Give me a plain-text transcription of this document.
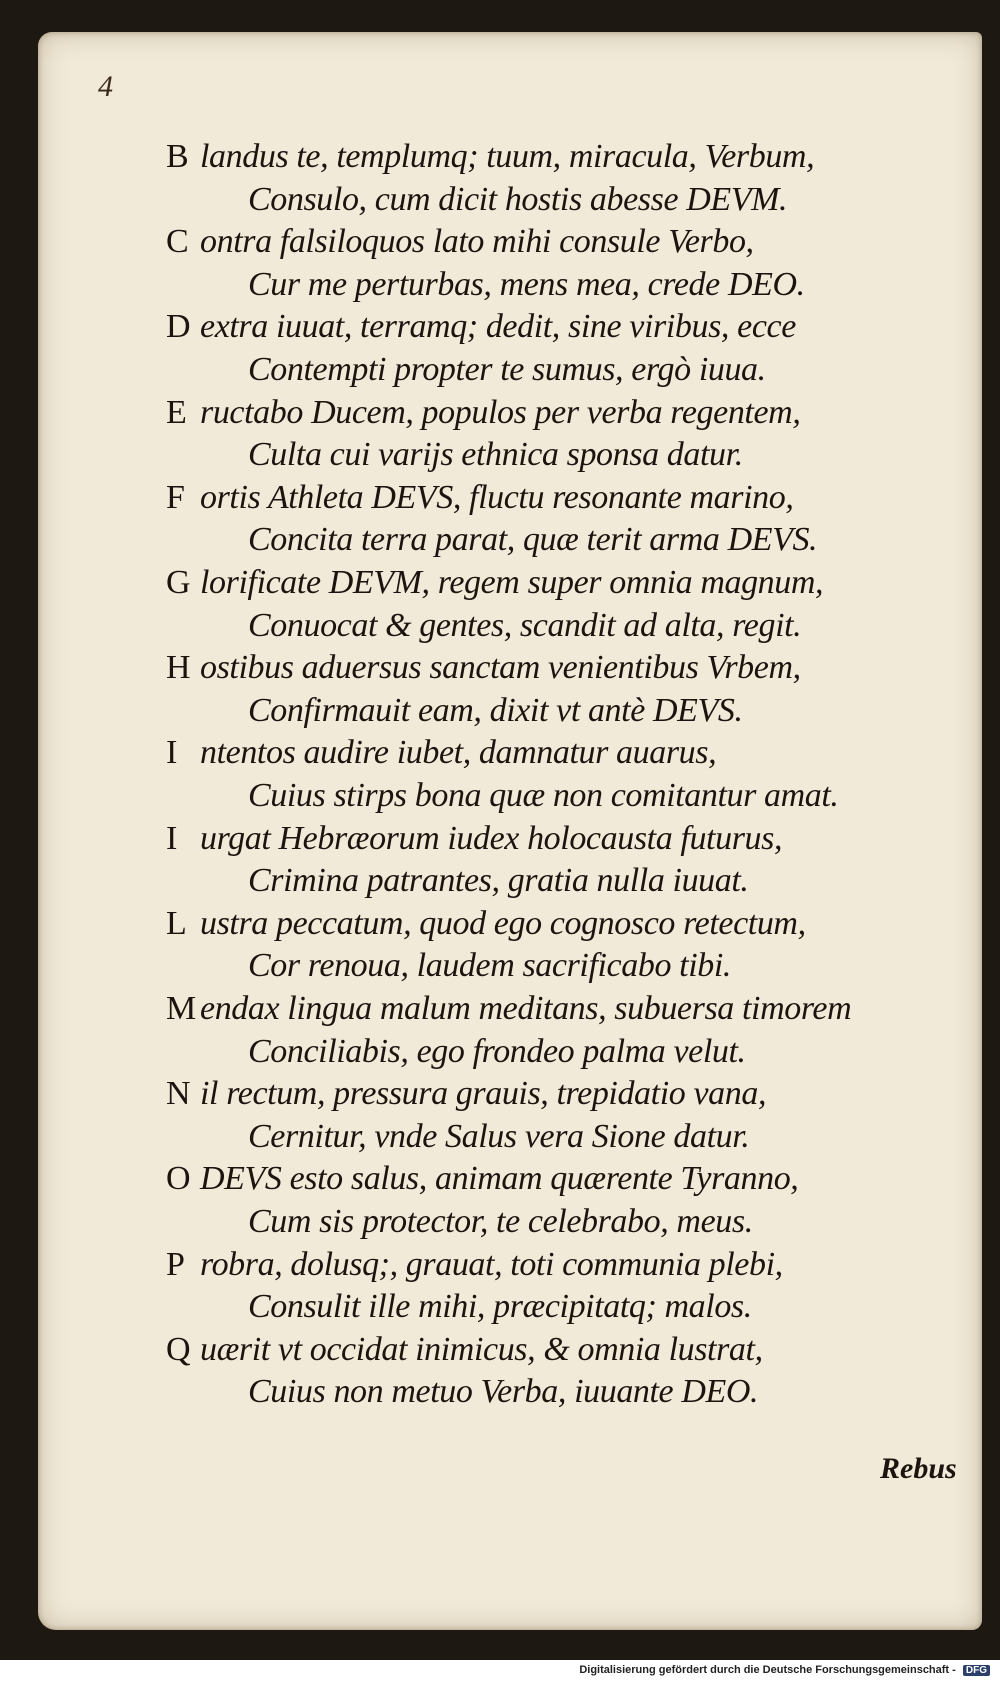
4
B landus te, templumq; tuum, miracula, Verbum,
Consulo, cum dicit hostis abesse DEVM.
C ontra falsiloquos lato mihi consule Verbo,
Cur me perturbas, mens mea, crede DEO.
D extra iuuat, terramq; dedit, sine viribus, ecce
Contempti propter te sumus, ergò iuua.
E ructabo Ducem, populos per verba regentem,
Culta cui varijs ethnica sponsa datur.
F ortis Athleta DEVS, fluctu resonante marino,
Concita terra parat, quæ terit arma DEVS.
G lorificate DEVM, regem super omnia magnum,
Conuocat & gentes, scandit ad alta, regit.
H ostibus aduersus sanctam venientibus Vrbem,
Confirmauit eam, dixit vt antè DEVS.
I ntentos audire iubet, damnatur auarus,
Cuius stirps bona quæ non comitantur amat.
I urgat Hebræorum iudex holocausta futurus,
Crimina patrantes, gratia nulla iuuat.
L ustra peccatum, quod ego cognosco retectum,
Cor renoua, laudem sacrificabo tibi.
M endax lingua malum meditans, subuersa timorem
Conciliabis, ego frondeo palma velut.
N il rectum, pressura grauis, trepidatio vana,
Cernitur, vnde Salus vera Sione datur.
O DEVS esto salus, animam quærente Tyranno,
Cum sis protector, te celebrabo, meus.
P robra, dolusq;, grauat, toti communia plebi,
Consulit ille mihi, præcipitatq; malos.
Q uærit vt occidat inimicus, & omnia lustrat,
Cuius non metuo Verba, iuuante DEO.
Rebus
Digitalisierung gefördert durch die Deutsche Forschungsgemeinschaft - DFG
